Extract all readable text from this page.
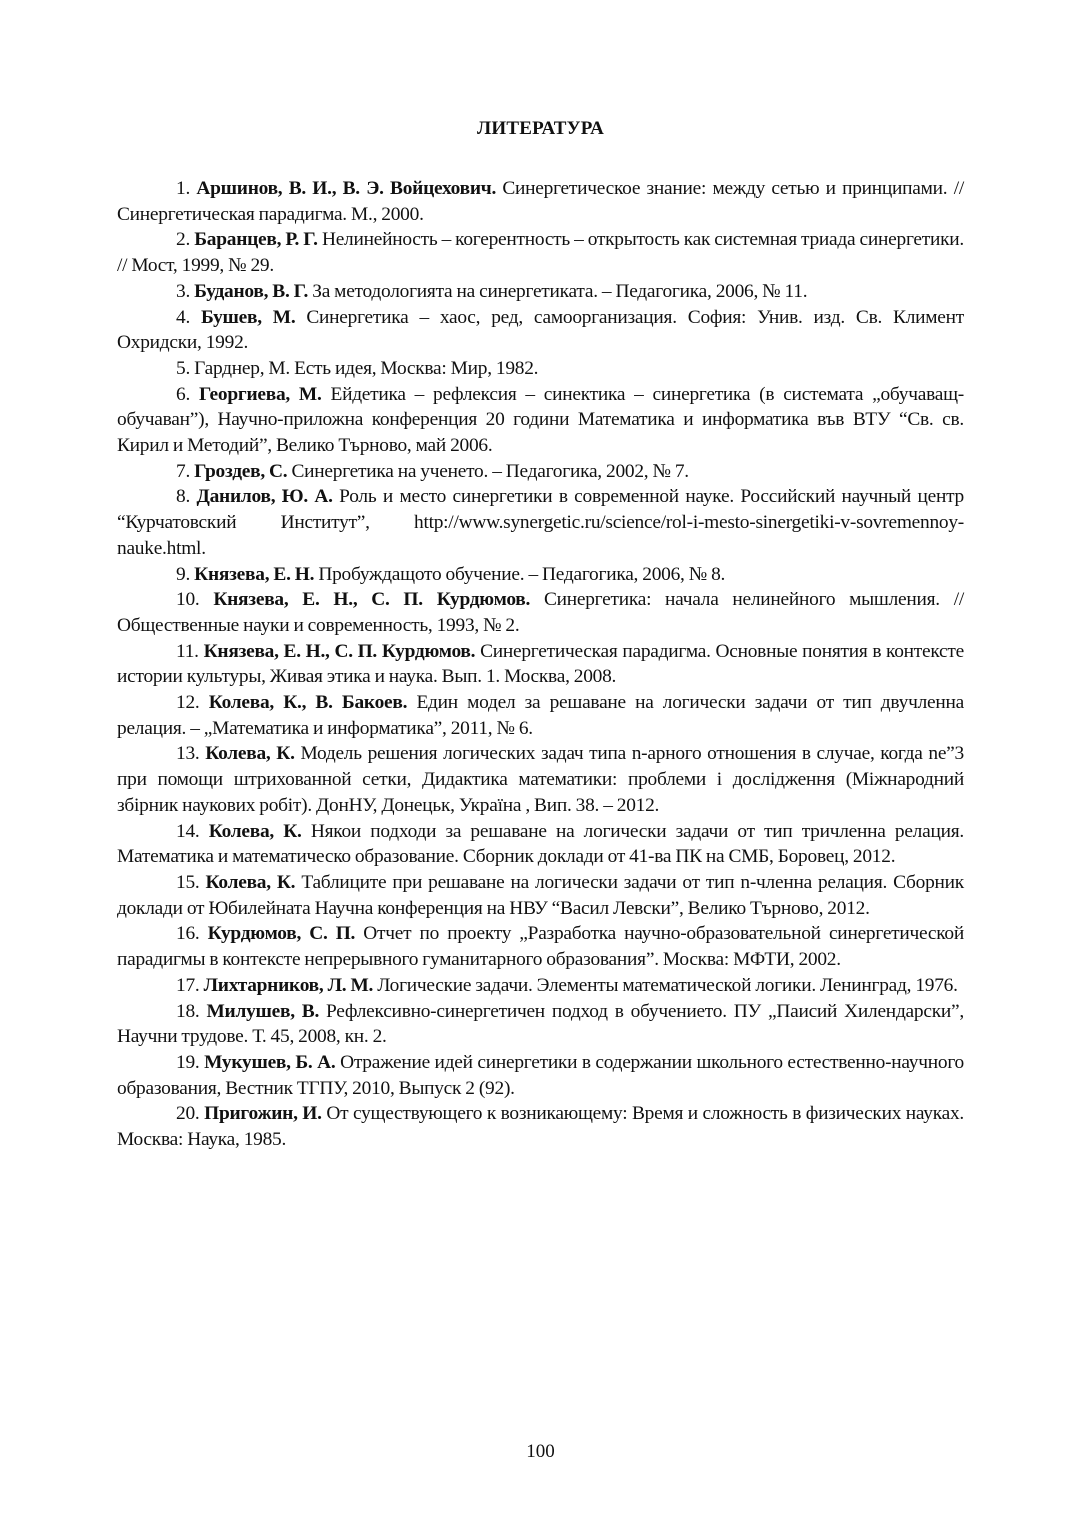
ЛИТЕРАТУРА
1. Аршинов, В. И., В. Э. Войцехович. Синергетическое знание: между сетью и принципами. //Синергетическая парадигма. М., 2000.
2. Баранцев, Р. Г. Нелинейность – когерентность – открытость как системная триада синергетики. // Мост, 1999, № 29.
3. Буданов, В. Г. За методологията на синергетиката. – Педагогика, 2006, № 11.
4. Бушев, М. Синергетика – хаос, ред, самоорганизация. София: Унив. изд. Св. Климент Охридски, 1992.
5. Гарднер, М. Есть идея, Москва: Мир, 1982.
6. Георгиева, М. Ейдетика – рефлексия – синектика – синергетика (в системата „обучаващ-обучаван”), Научно-приложна конференция 20 години Математика и информатика във ВТУ “Св. св. Кирил и Методий”, Велико Търново, май 2006.
7. Гроздев, С. Синергетика на ученето. – Педагогика, 2002, № 7.
8. Данилов, Ю. А. Роль и место синергетики в современной науке. Российский научный центр “Курчатовский Институт”, http://www.synergetic.ru/science/rol-i-mesto-sinergetiki-v-sovremennoy-nauke.html.
9. Князева, Е. Н. Пробуждащото обучение. – Педагогика, 2006, № 8.
10. Князева, Е. Н., С. П. Курдюмов. Синергетика: начала нелинейного мышления. // Общественные науки и современность, 1993, № 2.
11. Князева, Е. Н., С. П. Курдюмов. Синергетическая парадигма. Основные понятия в контексте истории культуры, Живая этика и наука. Вып. 1. Москва, 2008.
12. Колева, К., В. Бакоев. Един модел за решаване на логически задачи от тип двучленна релация. – „Математика и информатика”, 2011, № 6.
13. Колева, К. Модель решения логических задач типа n-арного отношения в случае, когда nе”3 при помощи штрихованной сетки, Дидактика математики: проблеми і дослідження (Міжнародний збірник наукових робіт). ДонНУ, Донецьк, Україна , Вип. 38. – 2012.
14. Колева, К. Някои подходи за решаване на логически задачи от тип тричленна релация. Математика и математическо образование. Сборник доклади от 41-ва ПК на СМБ, Боровец, 2012.
15. Колева, К. Таблиците при решаване на логически задачи от тип n-членна релация. Сборник доклади от Юбилейната Научна конференция на НВУ “Васил Левски”, Велико Търново, 2012.
16. Курдюмов, С. П. Отчет по проекту „Разработка научно-образовательной синергетической парадигмы в контексте непрерывного гуманитарного образования”. Москва: МФТИ, 2002.
17. Лихтарников, Л. М. Логические задачи. Элементы математической логики. Ленинград, 1976.
18. Милушев, В. Рефлексивно-синергетичен подход в обучението. ПУ „Паисий Хилендарски”, Научни трудове. Т. 45, 2008, кн. 2.
19. Мукушев, Б. А. Отражение идей синергетики в содержании школьного естественно-научного образования, Вестник ТГПУ, 2010, Выпуск 2 (92).
20. Пригожин, И. От существующего к возникающему: Время и сложность в физических науках. Москва: Наука, 1985.
100
